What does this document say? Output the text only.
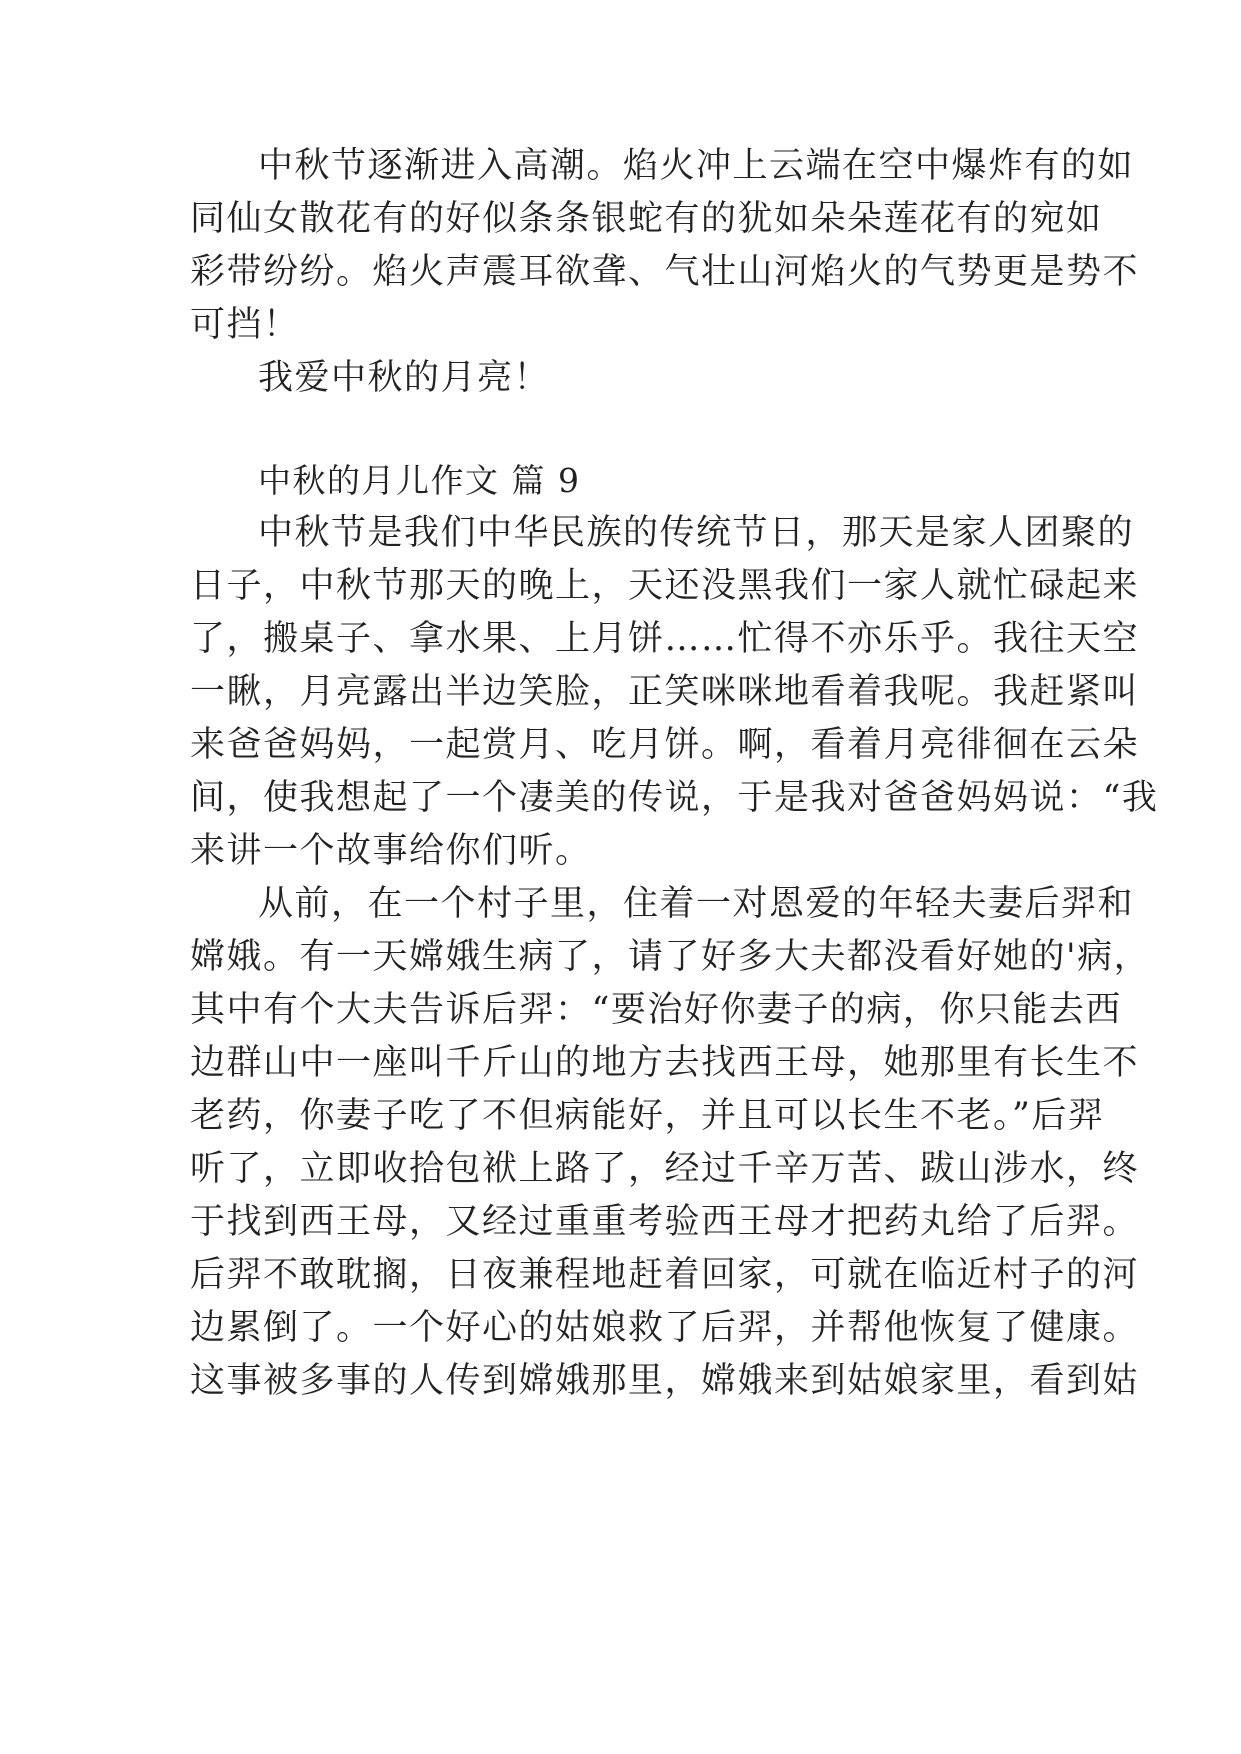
中秋节逐渐进入高潮。焰火冲上云端在空中爆炸有的如
同仙女散花有的好似条条银蛇有的犹如朵朵莲花有的宛如
彩带纷纷。焰火声震耳欲聋、气壮山河焰火的气势更是势不
可挡！
我爱中秋的月亮！
中秋的月儿作文 篇 9
中秋节是我们中华民族的传统节日，那天是家人团聚的
日子，中秋节那天的晚上，天还没黑我们一家人就忙碌起来
了，搬桌子、拿水果、上月饼……忙得不亦乐乎。我往天空
一瞅，月亮露出半边笑脸，正笑咪咪地看着我呢。我赶紧叫
来爸爸妈妈，一起赏月、吃月饼。啊，看着月亮徘徊在云朵
间，使我想起了一个凄美的传说，于是我对爸爸妈妈说：“我
来讲一个故事给你们听。
从前，在一个村子里，住着一对恩爱的年轻夫妻后羿和
嫦娥。有一天嫦娥生病了，请了好多大夫都没看好她的'病，
其中有个大夫告诉后羿：“要治好你妻子的病，你只能去西
边群山中一座叫千斤山的地方去找西王母，她那里有长生不
老药，你妻子吃了不但病能好，并且可以长生不老。”后羿
听了，立即收拾包袱上路了，经过千辛万苦、跋山涉水，终
于找到西王母，又经过重重考验西王母才把药丸给了后羿。
后羿不敢耽搁，日夜兼程地赶着回家，可就在临近村子的河
边累倒了。一个好心的姑娘救了后羿，并帮他恢复了健康。
这事被多事的人传到嫦娥那里，嫦娥来到姑娘家里，看到姑
